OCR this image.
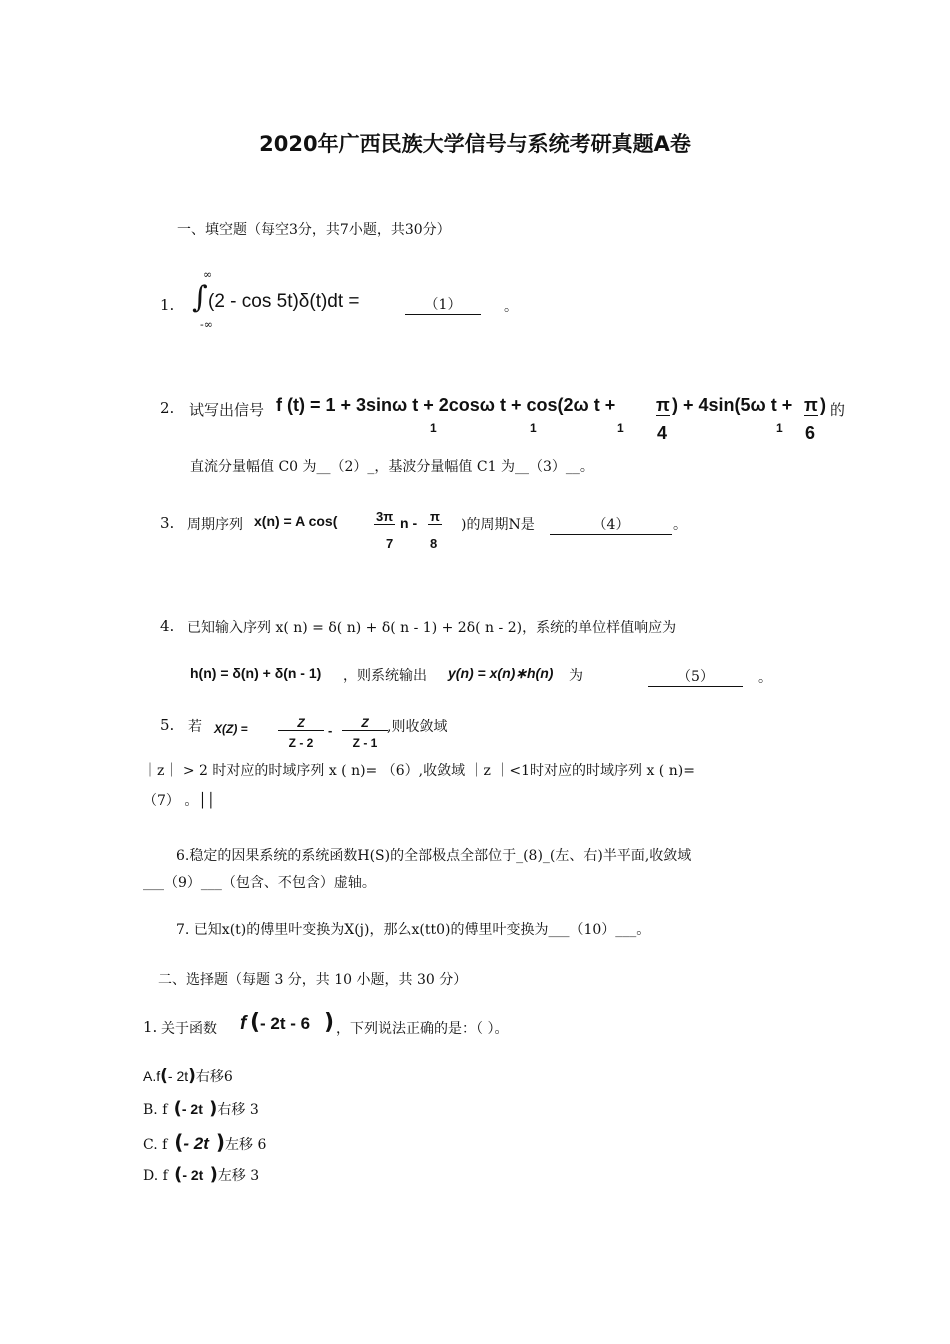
2020年广西民族大学信号与系统考研真题A卷
一、填空题（每空3分，共7小题，共30分）
1.
∞
∫
-∞
(2 - cos 5t)δ(t)dt =	（1）	。
2. 试写出信号 f (t) = 1 + 3sinω t + 2cosω t + cos(2ω t +
1	1	1	1
π
4
) + 4sin(5ω t + π
6
) 的
直流分量幅值 C0 为__（2）_，基波分量幅值 C1 为__（3）__。
3. 周期序列 x(n) = A cos(	3π
7
n - π
8
)的周期N是	（4）	。
4. 已知输入序列 x( n) = δ( n) + δ( n - 1) + 2δ( n - 2)，系统的单位样值响应为
h(n) = δ(n) + δ(n - 1) ，则系统输出 y(n) = x(n)∗h(n) 为	（5）	。
5. 若 X(Z) =	Z
Z - 2
-	Z
Z - 1
,则收敛域
｜z｜ > 2 时对应的时域序列 x ( n)= （6）,收敛域 ｜z ｜<1时对应的时域序列 x ( n)=
（7） 。││
6.稳定的因果系统的系统函数H(S)的全部极点全部位于_(8)_(左、右)半平面,收敛域
___（9）___（包含、不包含）虚轴。
7. 已知x(t)的傅里叶变换为X(j)，那么x(tt0)的傅里叶变换为___（10）___。
二、选择题（每题 3 分，共 10 小题，共 30 分）
1. 关于函数 f ( - 2t - 6 ) ，下列说法正确的是：（ ）。
A.f(- 2t)右移6
B. f (- 2t )右移 3
C. f (- 2t )左移 6
D. f (- 2t )左移 3
